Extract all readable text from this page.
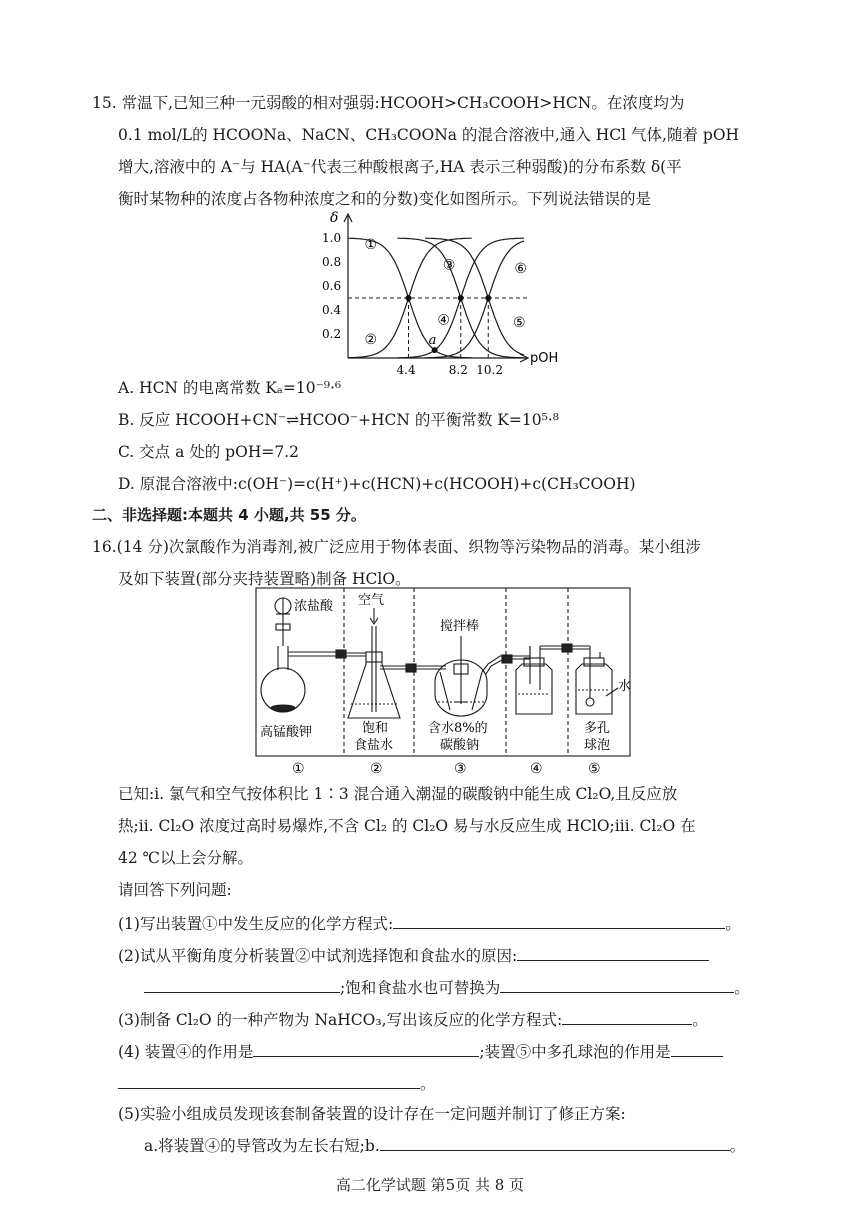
15. 常温下,已知三种一元弱酸的相对强弱:HCOOH>CH₃COOH>HCN。在浓度均为
0.1 mol/L的 HCOONa、NaCN、CH₃COONa 的混合溶液中,通入 HCl 气体,随着 pOH
增大,溶液中的 A⁻与 HA(A⁻代表三种酸根离子,HA 表示三种弱酸)的分布系数 δ(平
衡时某物种的浓度占各物种浓度之和的分数)变化如图所示。下列说法错误的是
4.4	8.2 10.2
a
1.0
0.8
0.6
0.4
0.2
①
②
③
④	⑤
⑥
δ
pOH
A. HCN 的电离常数 Kₐ=10⁻⁹·⁶
B. 反应 HCOOH+CN⁻⇌HCOO⁻+HCN 的平衡常数 K=10⁵·⁸
C. 交点 a 处的 pOH=7.2
D. 原混合溶液中:c(OH⁻)=c(H⁺)+c(HCN)+c(HCOOH)+c(CH₃COOH)
二、非选择题:本题共 4 小题,共 55 分。
16.(14 分)次氯酸作为消毒剂,被广泛应用于物体表面、织物等污染物品的消毒。某小组涉
及如下装置(部分夹持装置略)制备 HClO。
浓盐酸 空气
搅拌棒
水
高锰酸钾	饱和
食盐水
含水8%的
碳酸钠
多孔
球泡
①	②	③	④	⑤
已知:ⅰ. 氯气和空气按体积比 1∶3 混合通入潮湿的碳酸钠中能生成 Cl₂O,且反应放
热;ⅱ. Cl₂O 浓度过高时易爆炸,不含 Cl₂ 的 Cl₂O 易与水反应生成 HClO;ⅲ. Cl₂O 在
42 ℃以上会分解。
请回答下列问题:
(1)写出装置①中发生反应的化学方程式:	。
(2)试从平衡角度分析装置②中试剂选择饱和食盐水的原因:
;饱和食盐水也可替换为	。
(3)制备 Cl₂O 的一种产物为 NaHCO₃,写出该反应的化学方程式:	。
(4) 装置④的作用是	;装置⑤中多孔球泡的作用是
。
(5)实验小组成员发现该套制备装置的设计存在一定问题并制订了修正方案:
a.将装置④的导管改为左长右短;b.	。
高二化学试题 第5页 共 8 页
